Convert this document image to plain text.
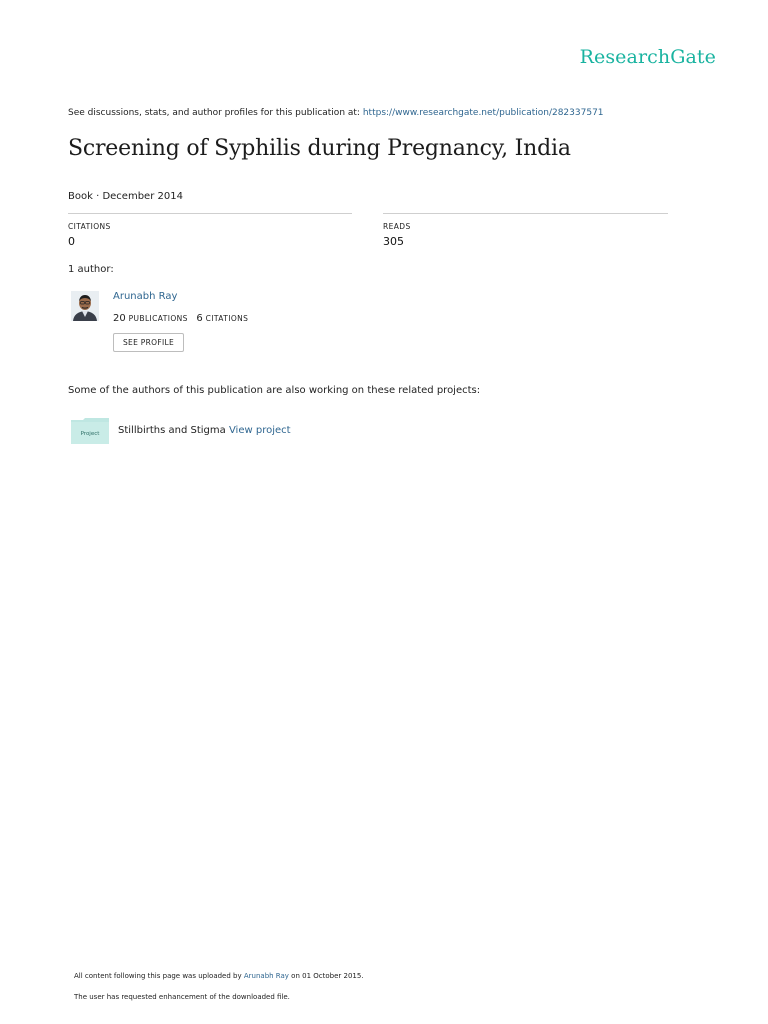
ResearchGate
See discussions, stats, and author profiles for this publication at: https://www.researchgate.net/publication/282337571
Screening of Syphilis during Pregnancy, India
Book · December 2014
CITATIONS
0
READS
305
1 author:
Arunabh Ray
20 PUBLICATIONS 6 CITATIONS
SEE PROFILE
Some of the authors of this publication are also working on these related projects:
Project Stillbirths and Stigma View project
All content following this page was uploaded by Arunabh Ray on 01 October 2015.
The user has requested enhancement of the downloaded file.
